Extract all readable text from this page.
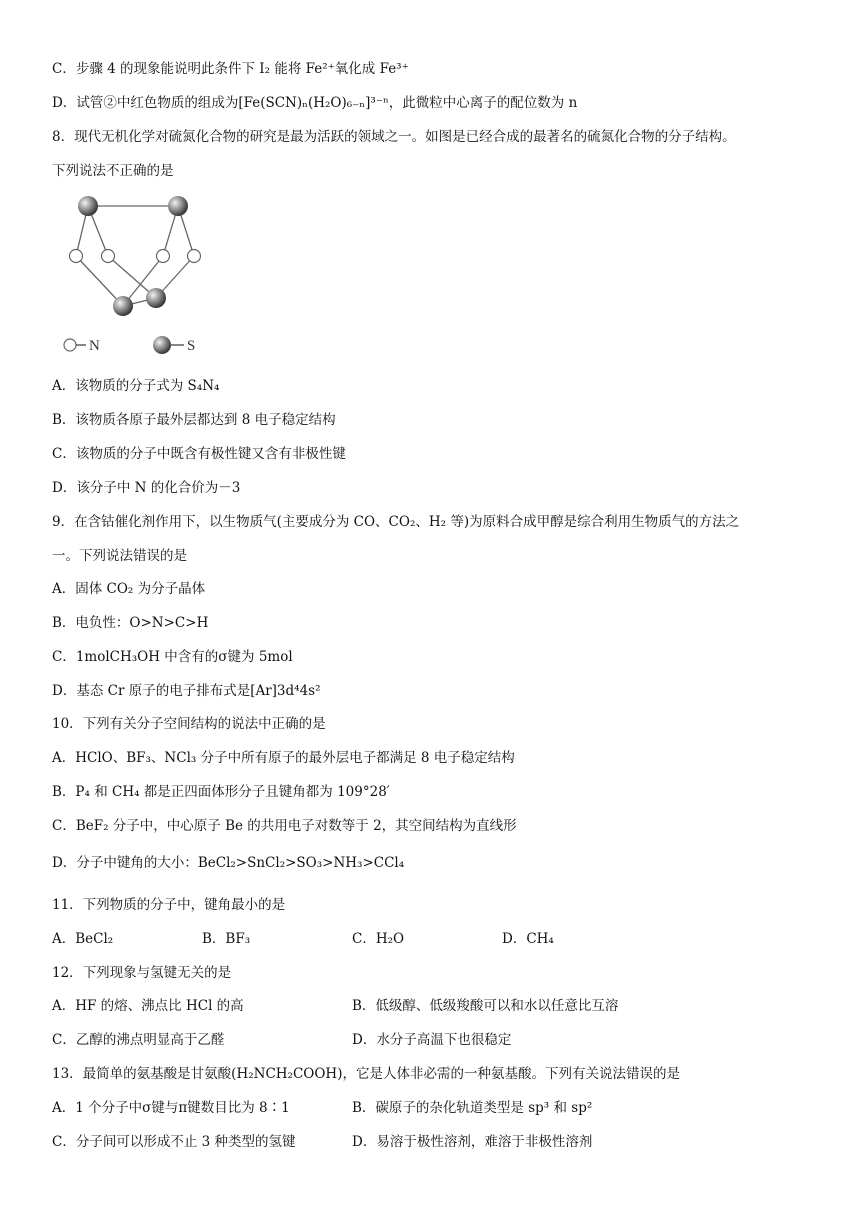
C．步骤 4 的现象能说明此条件下 I₂ 能将 Fe²⁺氧化成 Fe³⁺
D．试管②中红色物质的组成为[Fe(SCN)ₙ(H₂O)₆₋ₙ]³⁻ⁿ，此微粒中心离子的配位数为 n
8．现代无机化学对硫氮化合物的研究是最为活跃的领域之一。如图是已经合成的最著名的硫氮化合物的分子结构。
下列说法不正确的是
N	S
A．该物质的分子式为 S₄N₄
B．该物质各原子最外层都达到 8 电子稳定结构
C．该物质的分子中既含有极性键又含有非极性键
D．该分子中 N 的化合价为－3
9．在含钴催化剂作用下，以生物质气(主要成分为 CO、CO₂、H₂ 等)为原料合成甲醇是综合利用生物质气的方法之
一。下列说法错误的是
A．固体 CO₂ 为分子晶体
B．电负性：O>N>C>H
C．1molCH₃OH 中含有的σ键为 5mol
D．基态 Cr 原子的电子排布式是[Ar]3d⁴4s²
10．下列有关分子空间结构的说法中正确的是
A．HClO、BF₃、NCl₃ 分子中所有原子的最外层电子都满足 8 电子稳定结构
B．P₄ 和 CH₄ 都是正四面体形分子且键角都为 109°28′
C．BeF₂ 分子中，中心原子 Be 的共用电子对数等于 2，其空间结构为直线形
D．分子中键角的大小：BeCl₂>SnCl₂>SO₃>NH₃>CCl₄
11．下列物质的分子中，键角最小的是
A．BeCl₂	B．BF₃	C．H₂O	D．CH₄
12．下列现象与氢键无关的是
A．HF 的熔、沸点比 HCl 的高	B．低级醇、低级羧酸可以和水以任意比互溶
C．乙醇的沸点明显高于乙醛	D．水分子高温下也很稳定
13．最简单的氨基酸是甘氨酸(H₂NCH₂COOH)，它是人体非必需的一种氨基酸。下列有关说法错误的是
A．1 个分子中σ键与π键数目比为 8∶1	B．碳原子的杂化轨道类型是 sp³ 和 sp²
C．分子间可以形成不止 3 种类型的氢键	D．易溶于极性溶剂，难溶于非极性溶剂
